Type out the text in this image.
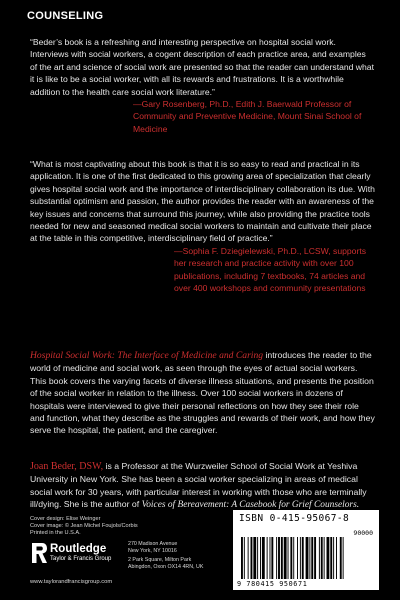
COUNSELING
“Beder’s book is a refreshing and interesting perspective on hospital social work. Interviews with social workers, a cogent description of each practice area, and examples of the art and science of social work are presented so that the reader can understand what it is like to be a social worker, with all its rewards and frustrations. It is a worthwhile addition to the health care social work literature.”
—Gary Rosenberg, Ph.D., Edith J. Baerwald Professor of Community and Preventive Medicine, Mount Sinai School of Medicine
“What is most captivating about this book is that it is so easy to read and practical in its application. It is one of the first dedicated to this growing area of specialization that clearly gives hospital social work and the importance of interdisciplinary collaboration its due. With substantial optimism and passion, the author provides the reader with an awareness of the key issues and concerns that surround this journey, while also providing the practice tools needed for new and seasoned medical social workers to maintain and cultivate their place at the table in this competitive, interdisciplinary field of practice.”
—Sophia F. Dziegielewski, Ph.D., LCSW, supports her research and practice activity with over 100 publications, including 7 textbooks, 74 articles and over 400 workshops and community presentations
Hospital Social Work: The Interface of Medicine and Caring introduces the reader to the world of medicine and social work, as seen through the eyes of actual social workers. This book covers the varying facets of diverse illness situations, and presents the position of the social worker in relation to the illness. Over 100 social workers in dozens of hospitals were interviewed to give their personal reflections on how they see their role and function, what they describe as the struggles and rewards of their work, and how they serve the hospital, the patient, and the caregiver.
Joan Beder, DSW, is a Professor at the Wurzweiler School of Social Work at Yeshiva University in New York. She has been a social worker specializing in areas of medical social work for 30 years, with particular interest in working with those who are terminally ill/dying. She is the author of Voices of Bereavement: A Casebook for Grief Counselors.
Cover design: Elise Weinger
Cover image: © Jean Michel Foujols/Corbis
Printed in the U.S.A.
Routledge
Taylor & Francis Group
270 Madison Avenue
New York, NY 10016
2 Park Square, Milton Park
Abingdon, Oxon OX14 4RN, UK
www.taylorandfrancisgroup.com
ISBN 0-415-95067-8
90000
9 780415 950671
